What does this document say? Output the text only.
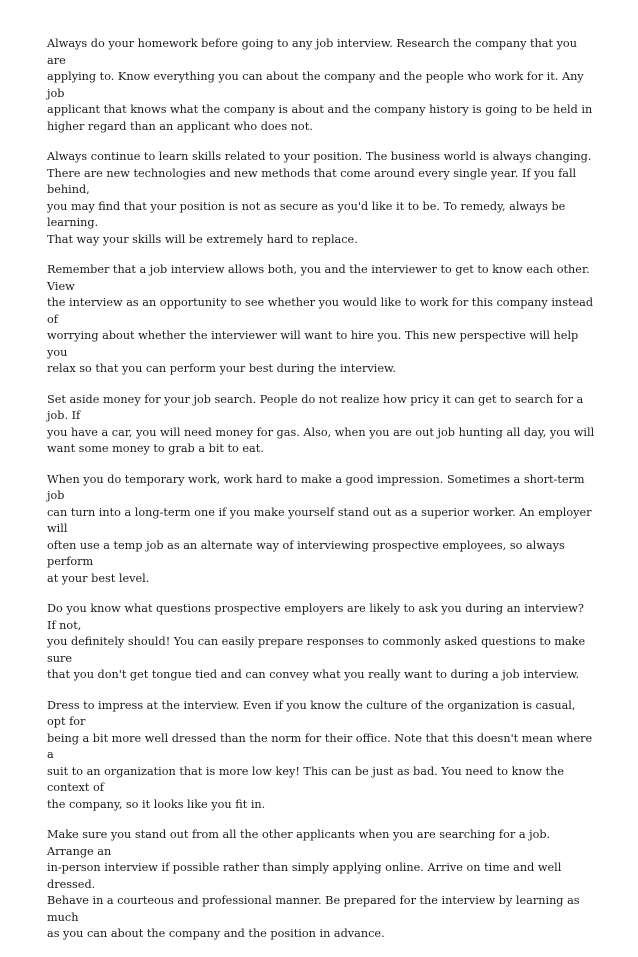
Always do your homework before going to any job interview. Research the company that you are
applying to. Know everything you can about the company and the people who work for it. Any job
applicant that knows what the company is about and the company history is going to be held in
higher regard than an applicant who does not.

Always continue to learn skills related to your position. The business world is always changing.
There are new technologies and new methods that come around every single year. If you fall behind,
you may find that your position is not as secure as you'd like it to be. To remedy, always be learning.
That way your skills will be extremely hard to replace.

Remember that a job interview allows both, you and the interviewer to get to know each other. View
the interview as an opportunity to see whether you would like to work for this company instead of
worrying about whether the interviewer will want to hire you. This new perspective will help you
relax so that you can perform your best during the interview.

Set aside money for your job search. People do not realize how pricy it can get to search for a job. If
you have a car, you will need money for gas. Also, when you are out job hunting all day, you will
want some money to grab a bit to eat.

When you do temporary work, work hard to make a good impression. Sometimes a short-term job
can turn into a long-term one if you make yourself stand out as a superior worker. An employer will
often use a temp job as an alternate way of interviewing prospective employees, so always perform
at your best level.

Do you know what questions prospective employers are likely to ask you during an interview? If not,
you definitely should! You can easily prepare responses to commonly asked questions to make sure
that you don't get tongue tied and can convey what you really want to during a job interview.

Dress to impress at the interview. Even if you know the culture of the organization is casual, opt for
being a bit more well dressed than the norm for their office. Note that this doesn't mean where a
suit to an organization that is more low key! This can be just as bad. You need to know the context of
the company, so it looks like you fit in.

Make sure you stand out from all the other applicants when you are searching for a job. Arrange an
in-person interview if possible rather than simply applying online. Arrive on time and well dressed.
Behave in a courteous and professional manner. Be prepared for the interview by learning as much
as you can about the company and the position in advance.
